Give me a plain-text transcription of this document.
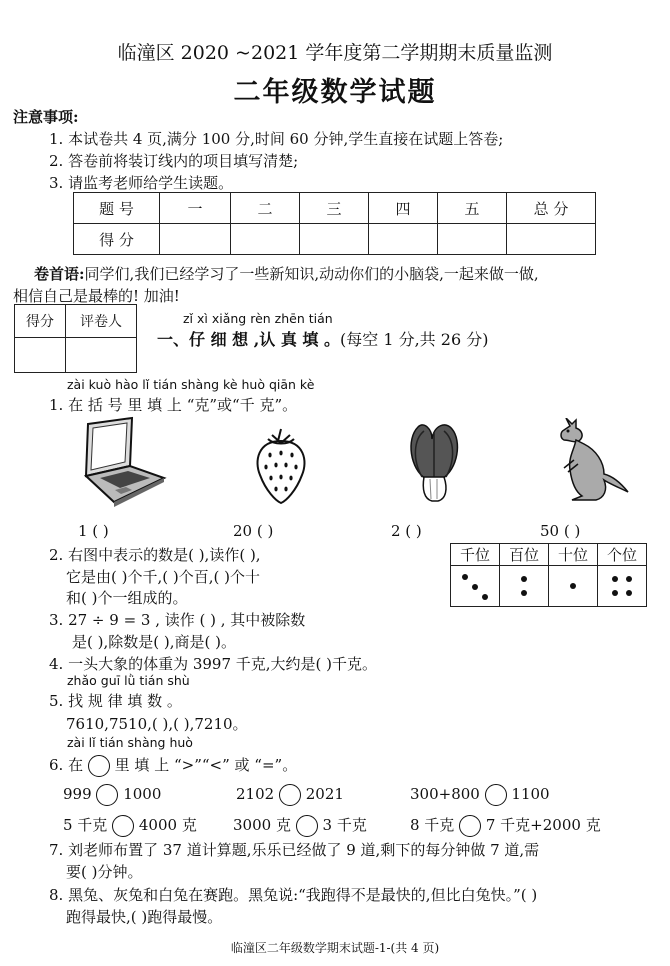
临潼区 2020 ~2021 学年度第二学期期末质量监测
二年级数学试题
注意事项:
1. 本试卷共 4 页,满分 100 分,时间 60 分钟,学生直接在试题上答卷;
2. 答卷前将装订线内的项目填写清楚;
3. 请监考老师给学生读题。
题 号	一	二	三	四	五	总 分
得 分						
卷首语:同学们,我们已经学习了一些新知识,动动你们的小脑袋,一起来做一做,
相信自己是最棒的! 加油!
得分	评卷人
		zǐ xì xiǎng rèn zhēn tián
一、仔 细 想 ,认 真 填 。(每空 1 分,共 26 分)
zài kuò hào lǐ tián shàng kè huò qiān kè
1. 在 括 号 里 填 上 “克”或“千 克”。
1 ( )	20 ( )	2 ( )	50 ( )
2. 右图中表示的数是( ),读作( ),
它是由( )个千,( )个百,( )个十
和( )个一组成的。
千位	百位	十位	个位

3. 27 ÷ 9 = 3 , 读作 ( ) , 其中被除数
是( ),除数是( ),商是( )。
4. 一头大象的体重为 3997 千克,大约是( )千克。
zhǎo guī lǜ tián shù
5. 找 规 律 填 数 。
7610,7510,( ),( ),7210。
zài lǐ tián shàng huò
6. 在 里 填 上 “>”“<” 或 “=”。
999 1000	2102 2021	300+800 1100
5 千克 4000 克 3000 克 3 千克	8 千克 7 千克+2000 克
7. 刘老师布置了 37 道计算题,乐乐已经做了 9 道,剩下的每分钟做 7 道,需
要( )分钟。
8. 黑兔、灰兔和白兔在赛跑。黑兔说:“我跑得不是最快的,但比白兔快。”( )
跑得最快,( )跑得最慢。
临潼区二年级数学期末试题-1-(共 4 页)
